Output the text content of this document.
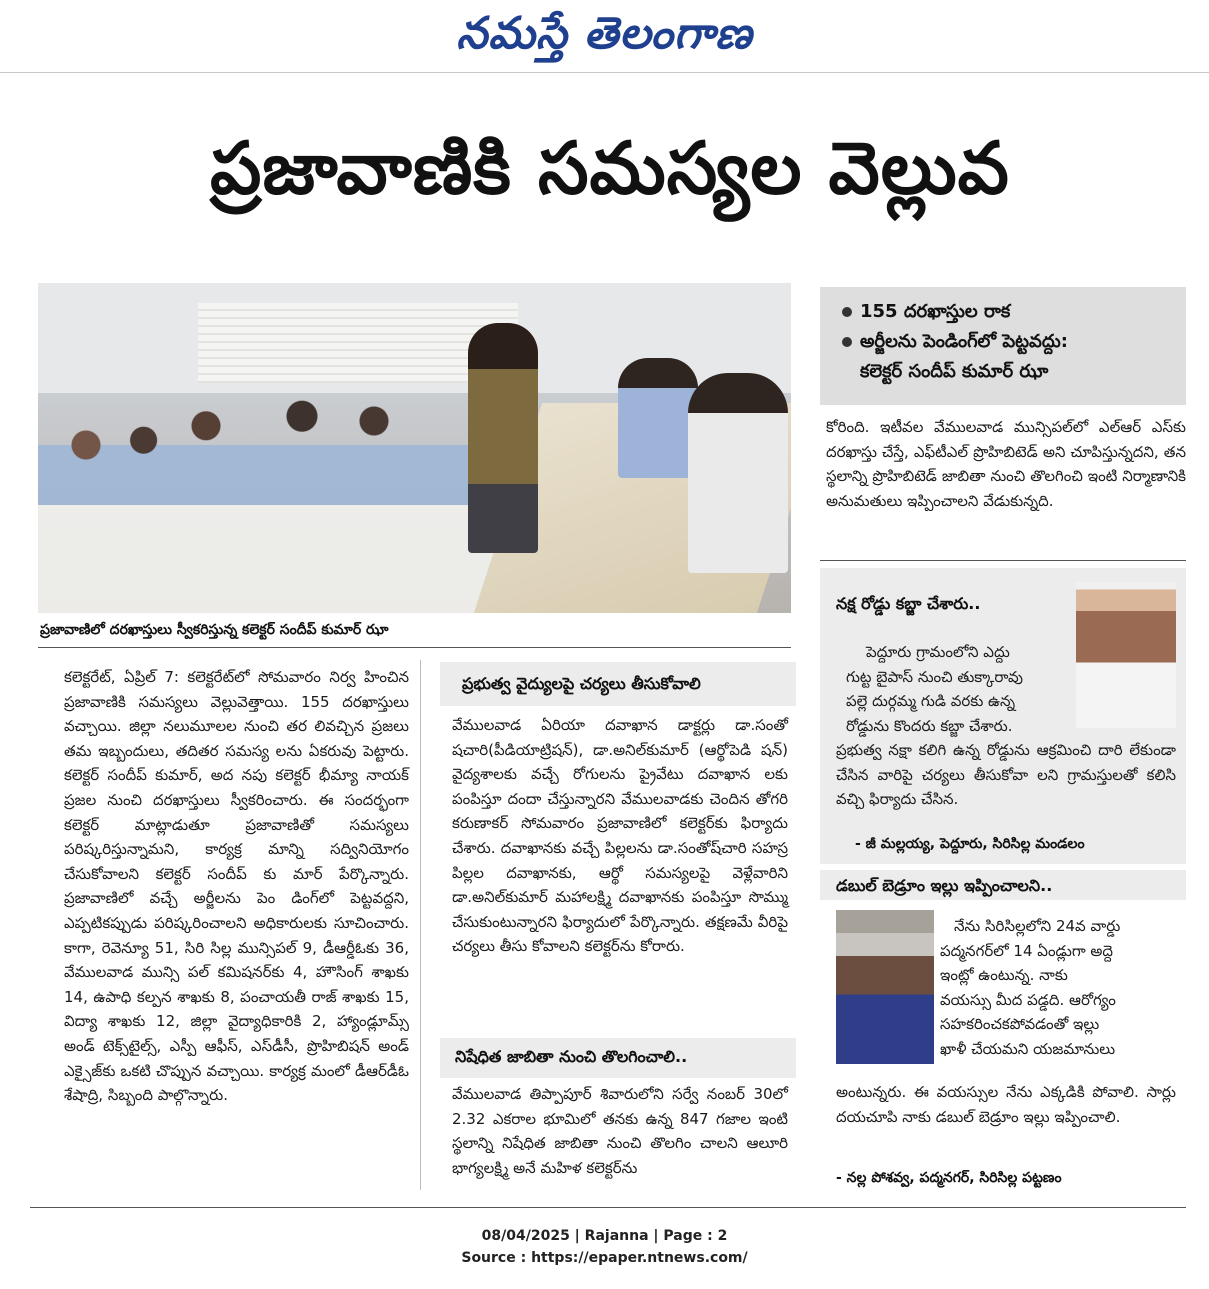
నమస్తే తెలంగాణ
ప్రజావాణికి సమస్యల వెల్లువ
ప్రజావాణిలో దరఖాస్తులు స్వీకరిస్తున్న కలెక్టర్ సందీప్ కుమార్ ఝా
155 దరఖాస్తుల రాక
అర్జీలను పెండింగ్‌లో పెట్టవద్దు:
కలెక్టర్ సందీప్ కుమార్ ఝా
కోరింది. ఇటీవల వేములవాడ మున్సిపల్‌లో ఎల్ఆర్ ఎస్‌కు దరఖాస్తు చేస్తే, ఎఫ్‌టీఎల్ ప్రొహిబిటెడ్ అని చూపిస్తున్నదని, తన స్థలాన్ని ప్రొహిబిటెడ్ జాబితా నుంచి తొలగించి ఇంటి నిర్మాణానికి అనుమతులు ఇప్పించాలని వేడుకున్నది.
కలెక్టరేట్, ఏప్రిల్ 7: కలెక్టరేట్‌లో సోమవారం నిర్వ హించిన ప్రజావాణికి సమస్యలు వెల్లువెత్తాయి. 155 దరఖాస్తులు వచ్చాయి. జిల్లా నలుమూలల నుంచి తర లివచ్చిన ప్రజలు తమ ఇబ్బందులు, తదితర సమస్య లను ఏకరువు పెట్టారు. కలెక్టర్ సందీప్ కుమార్, అద నపు కలెక్టర్ భీమ్యా నాయక్ ప్రజల నుంచి దరఖాస్తులు స్వీకరించారు. ఈ సందర్భంగా కలెక్టర్ మాట్లాడుతూ ప్రజావాణితో సమస్యలు పరిష్కరిస్తున్నామని, కార్యక్ర మాన్ని సద్వినియోగం చేసుకోవాలని కలెక్టర్ సందీప్ కు మార్ పేర్కొన్నారు. ప్రజావాణిలో వచ్చే అర్జీలను పెం డింగ్‌లో పెట్టవద్దని, ఎప్పటికప్పుడు పరిష్కరించాలని అధికారులకు సూచించారు. కాగా, రెవెన్యూ 51, సిరి సిల్ల మున్సిపల్ 9, డీఆర్డీఓకు 36, వేములవాడ మున్సి పల్ కమిషనర్‌కు 4, హౌసింగ్ శాఖకు 14, ఉపాధి కల్పన శాఖకు 8, పంచాయతీ రాజ్ శాఖకు 15, విద్యా శాఖకు 12, జిల్లా వైద్యాధికారికి 2, హ్యాండ్లూమ్స్ అండ్ టెక్స్‌టైల్స్, ఎస్పీ ఆఫీస్, ఎస్‌డీసీ, ప్రొహిబిషన్ అండ్ ఎక్సైజ్‌కు ఒకటి చొప్పున వచ్చాయి. కార్యక్ర మంలో డీఆర్‌డీఓ శేషాద్రి, సిబ్బంది పాల్గొన్నారు.
ప్రభుత్వ వైద్యులపై చర్యలు తీసుకోవాలి
వేములవాడ ఏరియా దవాఖాన డాక్టర్లు డా.సంతో షచారి(పీడియాట్రిషన్), డా.అనిల్‌కుమార్ (ఆర్థోపెడి షన్) వైద్యశాలకు వచ్చే రోగులను ప్రైవేటు దవాఖాన లకు పంపిస్తూ దందా చేస్తున్నారని వేములవాడకు చెందిన తోగరి కరుణాకర్ సోమవారం ప్రజావాణిలో కలెక్టర్‌కు ఫిర్యాదు చేశారు. దవాఖానకు వచ్చే పిల్లలను డా.సంతోష్‌చారి సహస్ర పిల్లల దవాఖానకు, ఆర్థో సమస్యలపై వెళ్లేవారిని డా.అనిల్‌కుమార్ మహాలక్ష్మి దవాఖానకు పంపిస్తూ సొమ్ము చేసుకుంటున్నారని ఫిర్యాదులో పేర్కొన్నారు. తక్షణమే వీరిపై చర్యలు తీసు కోవాలని కలెక్టర్‌ను కోరారు.
నిషేధిత జాబితా నుంచి తొలగించాలి..
వేములవాడ తిప్పాపూర్ శివారులోని సర్వే నంబర్ 30లో 2.32 ఎకరాల భూమిలో తనకు ఉన్న 847 గజాల ఇంటి స్థలాన్ని నిషేధిత జాబితా నుంచి తొలగిం చాలని ఆలూరి భాగ్యలక్ష్మి అనే మహిళ కలెక్టర్‌ను
నక్ష రోడ్డు కబ్జా చేశారు..
పెద్దూరు గ్రామంలోని ఎద్దు
గుట్ట బైపాస్ నుంచి తుక్కారావు
పల్లె దుర్గమ్మ గుడి వరకు ఉన్న
రోడ్డును కొందరు కబ్జా చేశారు.
ప్రభుత్వ నక్షా కలిగి ఉన్న రోడ్డును ఆక్రమించి దారి లేకుండా చేసిన వారిపై చర్యలు తీసుకోవా లని గ్రామస్తులతో కలిసి వచ్చి ఫిర్యాదు చేసిన.
- జీ మల్లయ్య, పెద్దూరు, సిరిసిల్ల మండలం
డబుల్ బెడ్రూం ఇల్లు ఇప్పించాలని..
నేను సిరిసిల్లలోని 24వ వార్డు
పద్మనగర్‌లో 14 ఏండ్లుగా అద్దె
ఇంట్లో ఉంటున్న. నాకు
వయస్సు మీద పడ్డది. ఆరోగ్యం
సహకరించకపోవడంతో ఇల్లు
ఖాళీ చేయమని యజమానులు
అంటున్నరు. ఈ వయస్సుల నేను ఎక్కడికి పోవాలి. సార్లు దయచూపి నాకు డబుల్ బెడ్రూం ఇల్లు ఇప్పించాలి.
- నల్ల పోశవ్వ, పద్మనగర్, సిరిసిల్ల పట్టణం
08/04/2025 | Rajanna | Page : 2
Source : https://epaper.ntnews.com/
